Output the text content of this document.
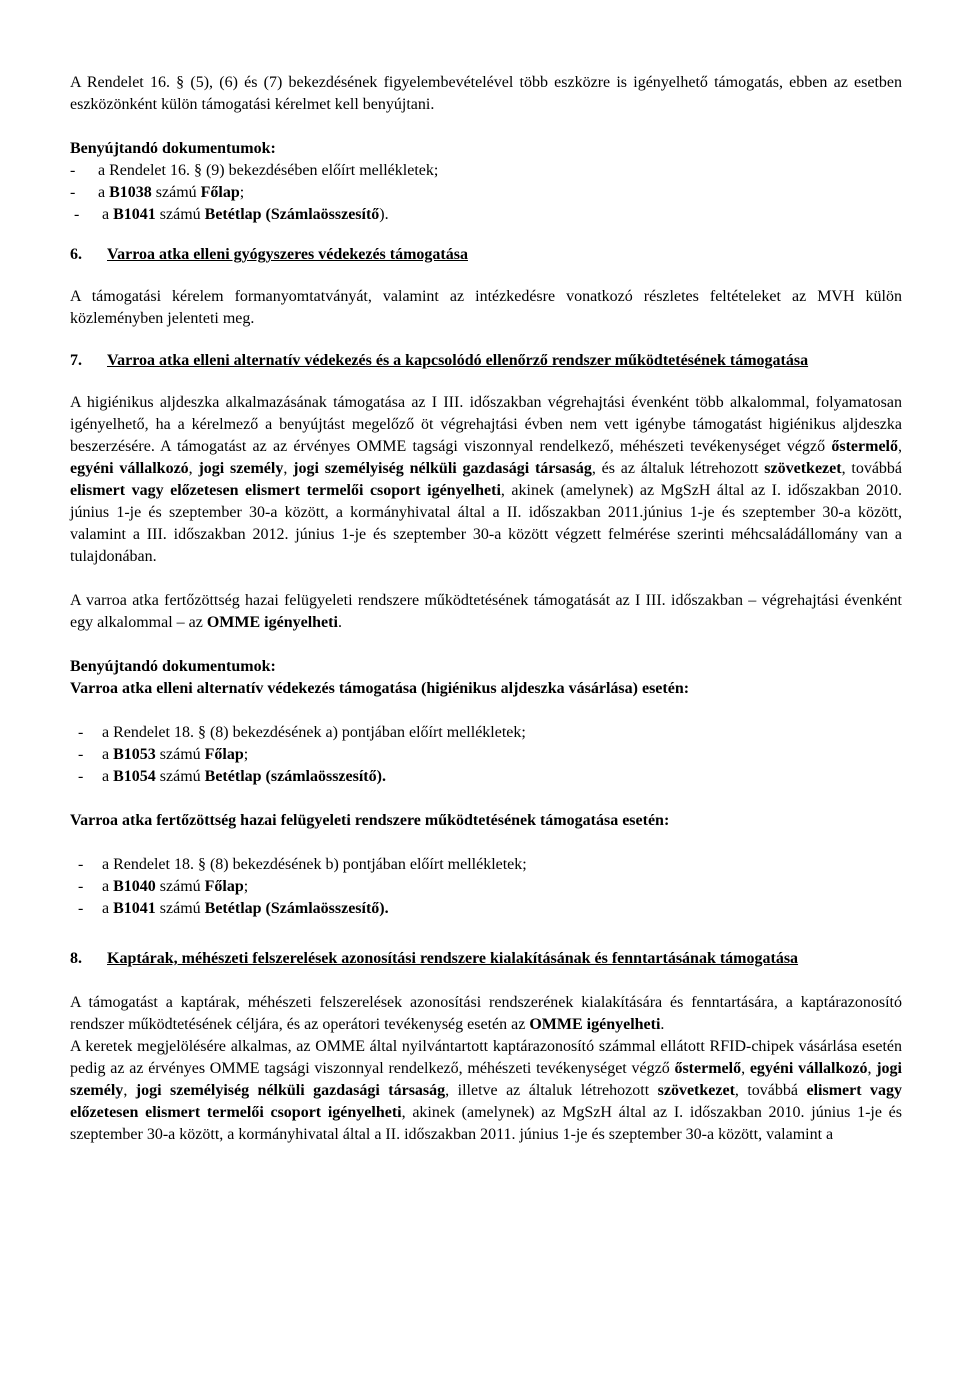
A Rendelet 16. § (5), (6) és (7) bekezdésének figyelembevételével több eszközre is igényelhető támogatás, ebben az esetben eszközönként külön támogatási kérelmet kell benyújtani.

Benyújtandó dokumentumok:

- a Rendelet 16. § (9) bekezdésében előírt mellékletek;
- a B1038 számú Főlap;
- a B1041 számú Betétlap (Számlaösszesítő).
6.	Varroa atka elleni gyógyszeres védekezés támogatása

A támogatási kérelem formanyomtatványát, valamint az intézkedésre vonatkozó részletes feltételeket az MVH külön közleményben jelenteti meg.

7.	Varroa atka elleni alternatív védekezés és a kapcsolódó ellenőrző rendszer működtetésének támogatása

A higiénikus aljdeszka alkalmazásának támogatása az I III. időszakban végrehajtási évenként több alkalommal, folyamatosan igényelhető, ha a kérelmező a benyújtást megelőző öt végrehajtási évben nem vett igénybe támogatást higiénikus aljdeszka beszerzésére. A támogatást az az érvényes OMME tagsági viszonnyal rendelkező, méhészeti tevékenységet végző őstermelő, egyéni vállalkozó, jogi személy, jogi személyiség nélküli gazdasági társaság, és az általuk létrehozott szövetkezet, továbbá elismert vagy előzetesen elismert termelői csoport igényelheti, akinek (amelynek) az MgSzH által az I. időszakban 2010. június 1-je és szeptember 30-a között, a kormányhivatal által a II. időszakban 2011.június 1-je és szeptember 30-a között, valamint a III. időszakban 2012. június 1-je és szeptember 30-a között végzett felmérése szerinti méhcsaládállomány van a tulajdonában.

A varroa atka fertőzöttség hazai felügyeleti rendszere működtetésének támogatását az I III. időszakban – végrehajtási évenként egy alkalommal – az OMME igényelheti.

Benyújtandó dokumentumok:

Varroa atka elleni alternatív védekezés támogatása (higiénikus aljdeszka vásárlása) esetén:

- a Rendelet 18. § (8) bekezdésének a) pontjában előírt mellékletek;
- a B1053 számú Főlap;
- a B1054 számú Betétlap (számlaösszesítő).

Varroa atka fertőzöttség hazai felügyeleti rendszere működtetésének támogatása esetén:

- a Rendelet 18. § (8) bekezdésének b) pontjában előírt mellékletek;
- a B1040 számú Főlap;
- a B1041 számú Betétlap (Számlaösszesítő).
8.	Kaptárak, méhészeti felszerelések azonosítási rendszere kialakításának és fenntartásának támogatása

A támogatást a kaptárak, méhészeti felszerelések azonosítási rendszerének kialakítására és fenntartására, a kaptárazonosító rendszer működtetésének céljára, és az operátori tevékenység esetén az OMME igényelheti.

A keretek megjelölésére alkalmas, az OMME által nyilvántartott kaptárazonosító számmal ellátott RFID-chipek vásárlása esetén pedig az az érvényes OMME tagsági viszonnyal rendelkező, méhészeti tevékenységet végző őstermelő, egyéni vállalkozó, jogi személy, jogi személyiség nélküli gazdasági társaság, illetve az általuk létrehozott szövetkezet, továbbá elismert vagy előzetesen elismert termelői csoport igényelheti, akinek (amelynek) az MgSzH által az I. időszakban 2010. június 1-je és szeptember 30-a között, a kormányhivatal által a II. időszakban 2011. június 1-je és szeptember 30-a között, valamint a
